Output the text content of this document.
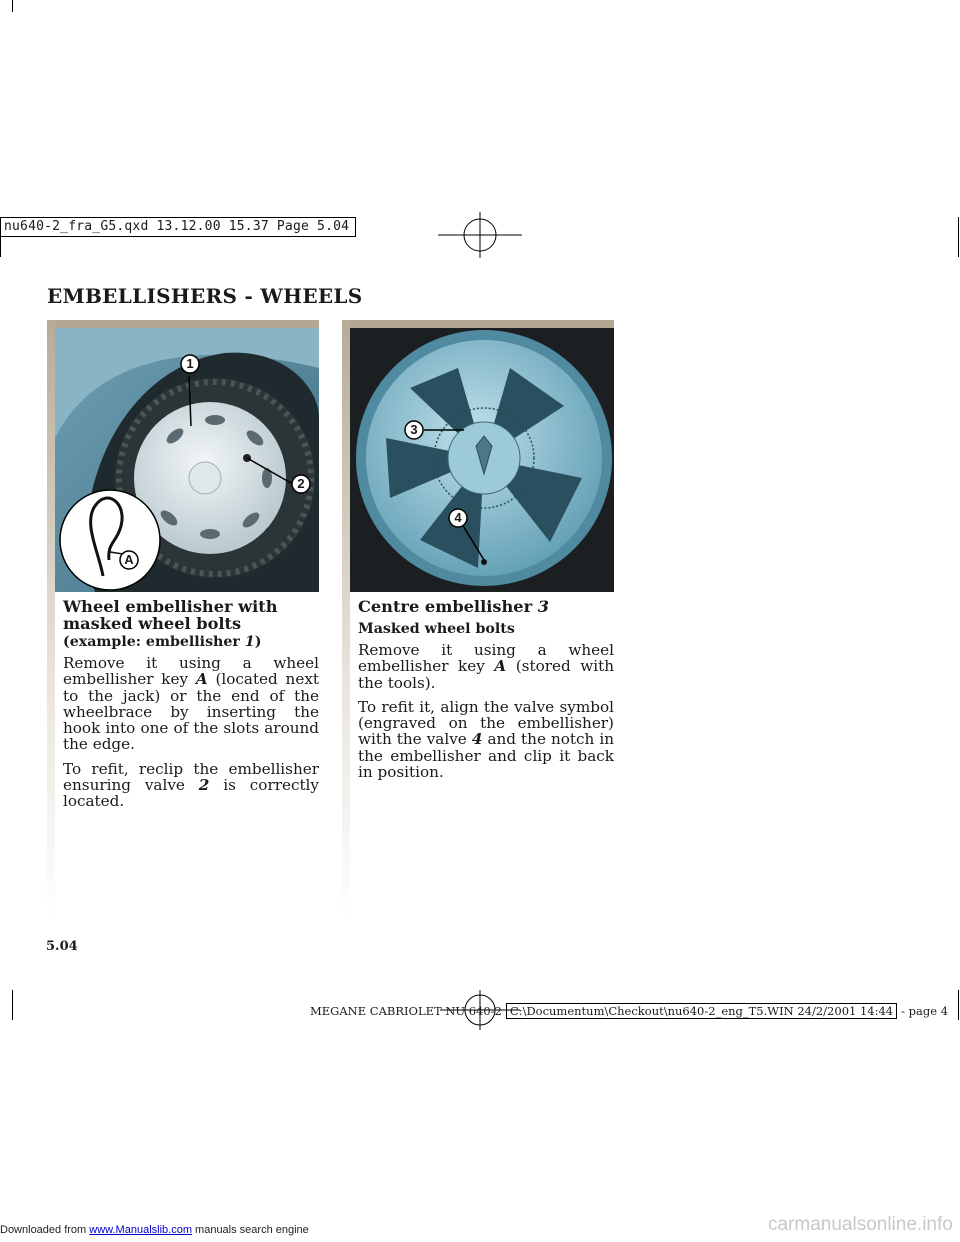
nu640-2_fra_G5.qxd 13.12.00 15.37 Page 5.04
EMBELLISHERS - WHEELS
1
2
A
3
4

Wheel embellisher with masked wheel bolts

(example: embellisher 1)

Remove it using a wheel embellisher key A (located next to the jack) or the end of the wheelbrace by inserting the hook into one of the slots around the edge.

To refit, reclip the embellisher ensuring valve 2 is correctly located.

Centre embellisher 3

Masked wheel bolts

Remove it using a wheel embellisher key A (stored with the tools).

To refit it, align the valve symbol (engraved on the embellisher) with the valve 4 and the notch in the embellisher and clip it back in position.

5.04
MEGANE CABRIOLET NU 640-2 C:\Documentum\Checkout\nu640-2_eng_T5.WIN 24/2/2001 14:44 - page 4
Downloaded from www.Manualslib.com manuals search engine	carmanualsonline.info
